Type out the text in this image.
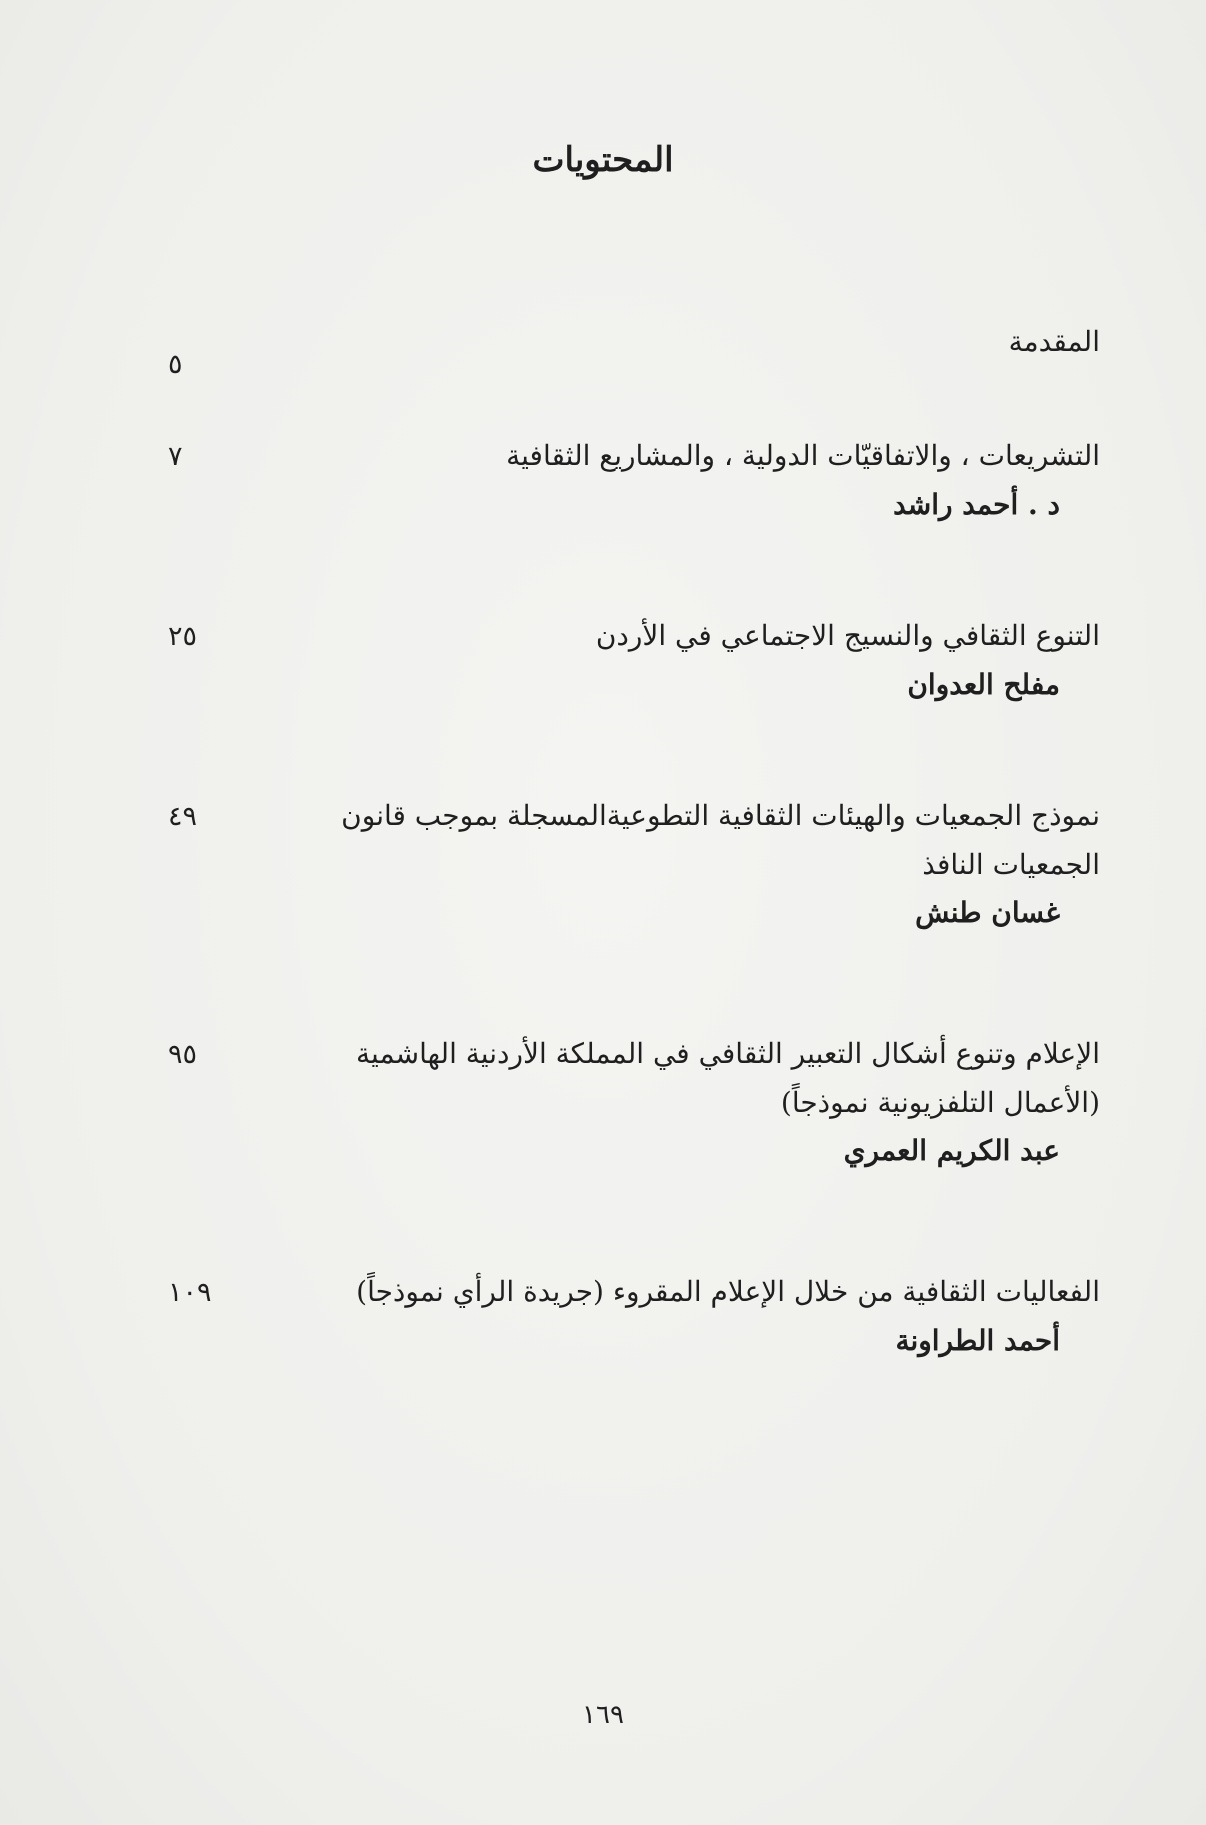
المحتويات
المقدمة
٥
التشريعات ، والاتفاقيّات الدولية ، والمشاريع الثقافية
٧
د . أحمد راشد
التنوع الثقافي والنسيج الاجتماعي في الأردن
٢٥
مفلح العدوان
نموذج الجمعيات والهيئات الثقافية التطوعيةالمسجلة بموجب قانون
٤٩
الجمعيات النافذ
غسان طنش
الإعلام وتنوع أشكال التعبير الثقافي في المملكة الأردنية الهاشمية
٩٥
(الأعمال التلفزيونية نموذجاً)
عبد الكريم العمري
الفعاليات الثقافية من خلال الإعلام المقروء (جريدة الرأي نموذجاً)
١٠٩
أحمد الطراونة
١٦٩
